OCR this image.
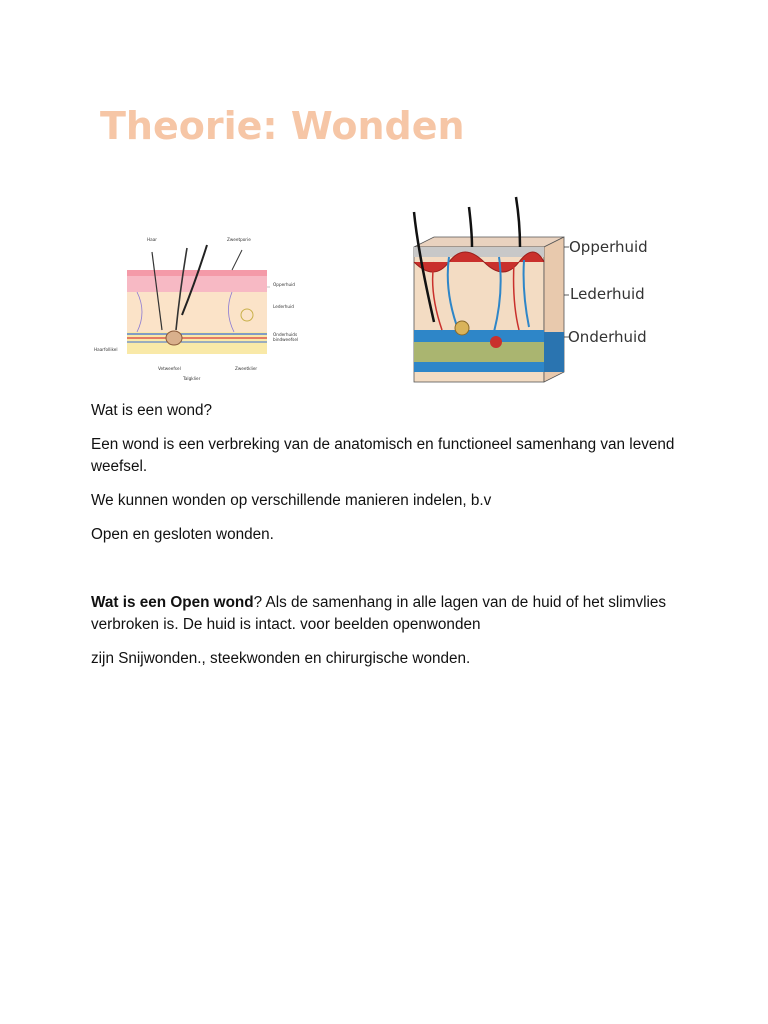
Theorie: Wonden
Haar	Zweetporie
Opperhuid
Lederhuid
Onderhuids
bindweefsel
Haarfollikel
Vetweefsel
Talgklier
Zweetklier
Opperhuid
Lederhuid
Onderhuid

Wat is een wond?

Een wond is een verbreking van de anatomisch en functioneel samenhang van levend weefsel.

We kunnen wonden op verschillende manieren indelen, b.v

Open en gesloten wonden.

Wat is een Open wond? Als de samenhang in alle lagen van de huid of het slimvlies verbroken is. De huid is intact. voor beelden openwonden

zijn Snijwonden., steekwonden en chirurgische wonden.
